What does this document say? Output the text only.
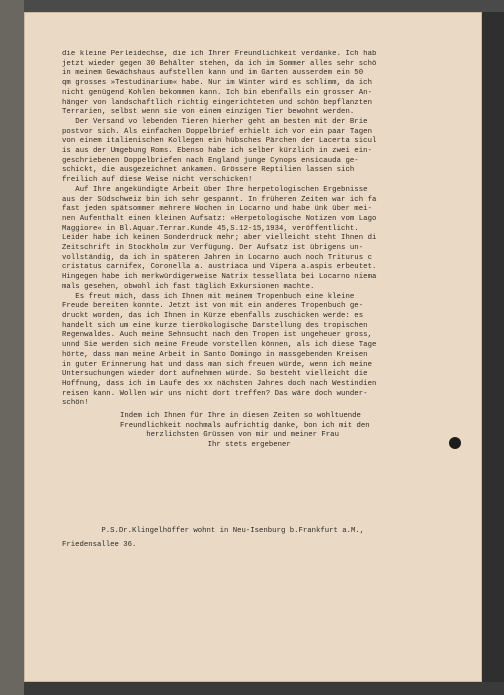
die kleine Perleidechse, die ich Ihrer Freundlichkeit verdanke. Ich hab
jetzt wieder gegen 30 Behälter stehen, da ich im Sommer alles sehr schö
in meinem Gewächshaus aufstellen kann und im Garten ausserdem ein 50
qm grosses »Testudinarium« habe. Nur im Winter wird es schlimm, da ich
nicht genügend Kohlen bekommen kann. Ich bin ebenfalls ein grosser An-
hänger von landschaftlich richtig eingerichteten und schön bepflanzten
Terrarien, selbst wenn sie von einem einzigen Tier bewohnt werden.
Der Versand vo lebenden Tieren hierher geht am besten mit der Brie
postvor sich. Als einfachen Doppelbrief erhielt ich vor ein paar Tagen
von einem italienischen Kollegen ein hübsches Pärchen der Lacerta sicul
is aus der Umgebung Roms. Ebenso habe ich selber kürzlich in zwei ein-
geschriebenen Doppelbriefen nach England junge Cynops ensicauda ge-
schickt, die ausgezeichnet ankamen. Grössere Reptilien lassen sich
freilich auf diese Weise nicht verschicken!
Auf Ihre angekündigte Arbeit über Ihre herpetologischen Ergebnisse
aus der Südschweiz bin ich sehr gespannt. In früheren Zeiten war ich fa
fast jeden spätsommer mehrere Wochen in Locarno und habe ünk über mei-
nen Aufenthalt einen kleinen Aufsatz: »Herpetologische Notizen vom Lago
Maggiore« in Bl.Aquar.Terrar.Kunde 45,S.12-15,1934, veröffentlicht.
Leider habe ich keinen Sonderdruck mehr; aber vielleicht steht Ihnen di
Zeitschrift in Stockholm zur Verfügung. Der Aufsatz ist übrigens un-
vollständig, da ich in späteren Jahren in Locarno auch noch Triturus c
cristatus carnifex, Coronella a. austriaca und Vipera a.aspis erbeutet.
Hingegen habe ich merkwürdigerweise Natrix tessellata bei Locarno niema
mals gesehen, obwohl ich fast täglich Exkursionen machte.
Es freut mich, dass ich Ihnen mit meinem Tropenbuch eine kleine
Freude bereiten konnte. Jetzt ist von mit ein anderes Tropenbuch ge-
druckt worden, das ich Ihnen in Kürze ebenfalls zuschicken werde: es
handelt sich um eine kurze tierökologische Darstellung des tropischen
Regenwaldes. Auch meine Sehnsucht nach den Tropen ist ungeheuer gross,
unnd Sie werden sich meine Freude vorstellen können, als ich diese Tage
hörte, dass man meine Arbeit in Santo Domingo in massgebenden Kreisen
in guter Erinnerung hat und dass man sich freuen würde, wenn ich meine
Untersuchungen wieder dort aufnehmen würde. So besteht vielleicht die
Hoffnung, dass ich im Laufe des xx nächsten Jahres doch nach Westindien
reisen kann. Wollen wir uns nicht dort treffen? Das wäre doch wunder-
schön!
Indem ich Ihnen für Ihre in diesen Zeiten so wohltuende
Freundlichkeit nochmals aufrichtig danke, bon ich mit den
herzlichsten Grüssen von mir und meiner Frau
Ihr stets ergebener
P.S.Dr.Klingelhöffer wohnt in Neu-Isenburg b.Frankfurt a.M.,
Friedensallee 36.
